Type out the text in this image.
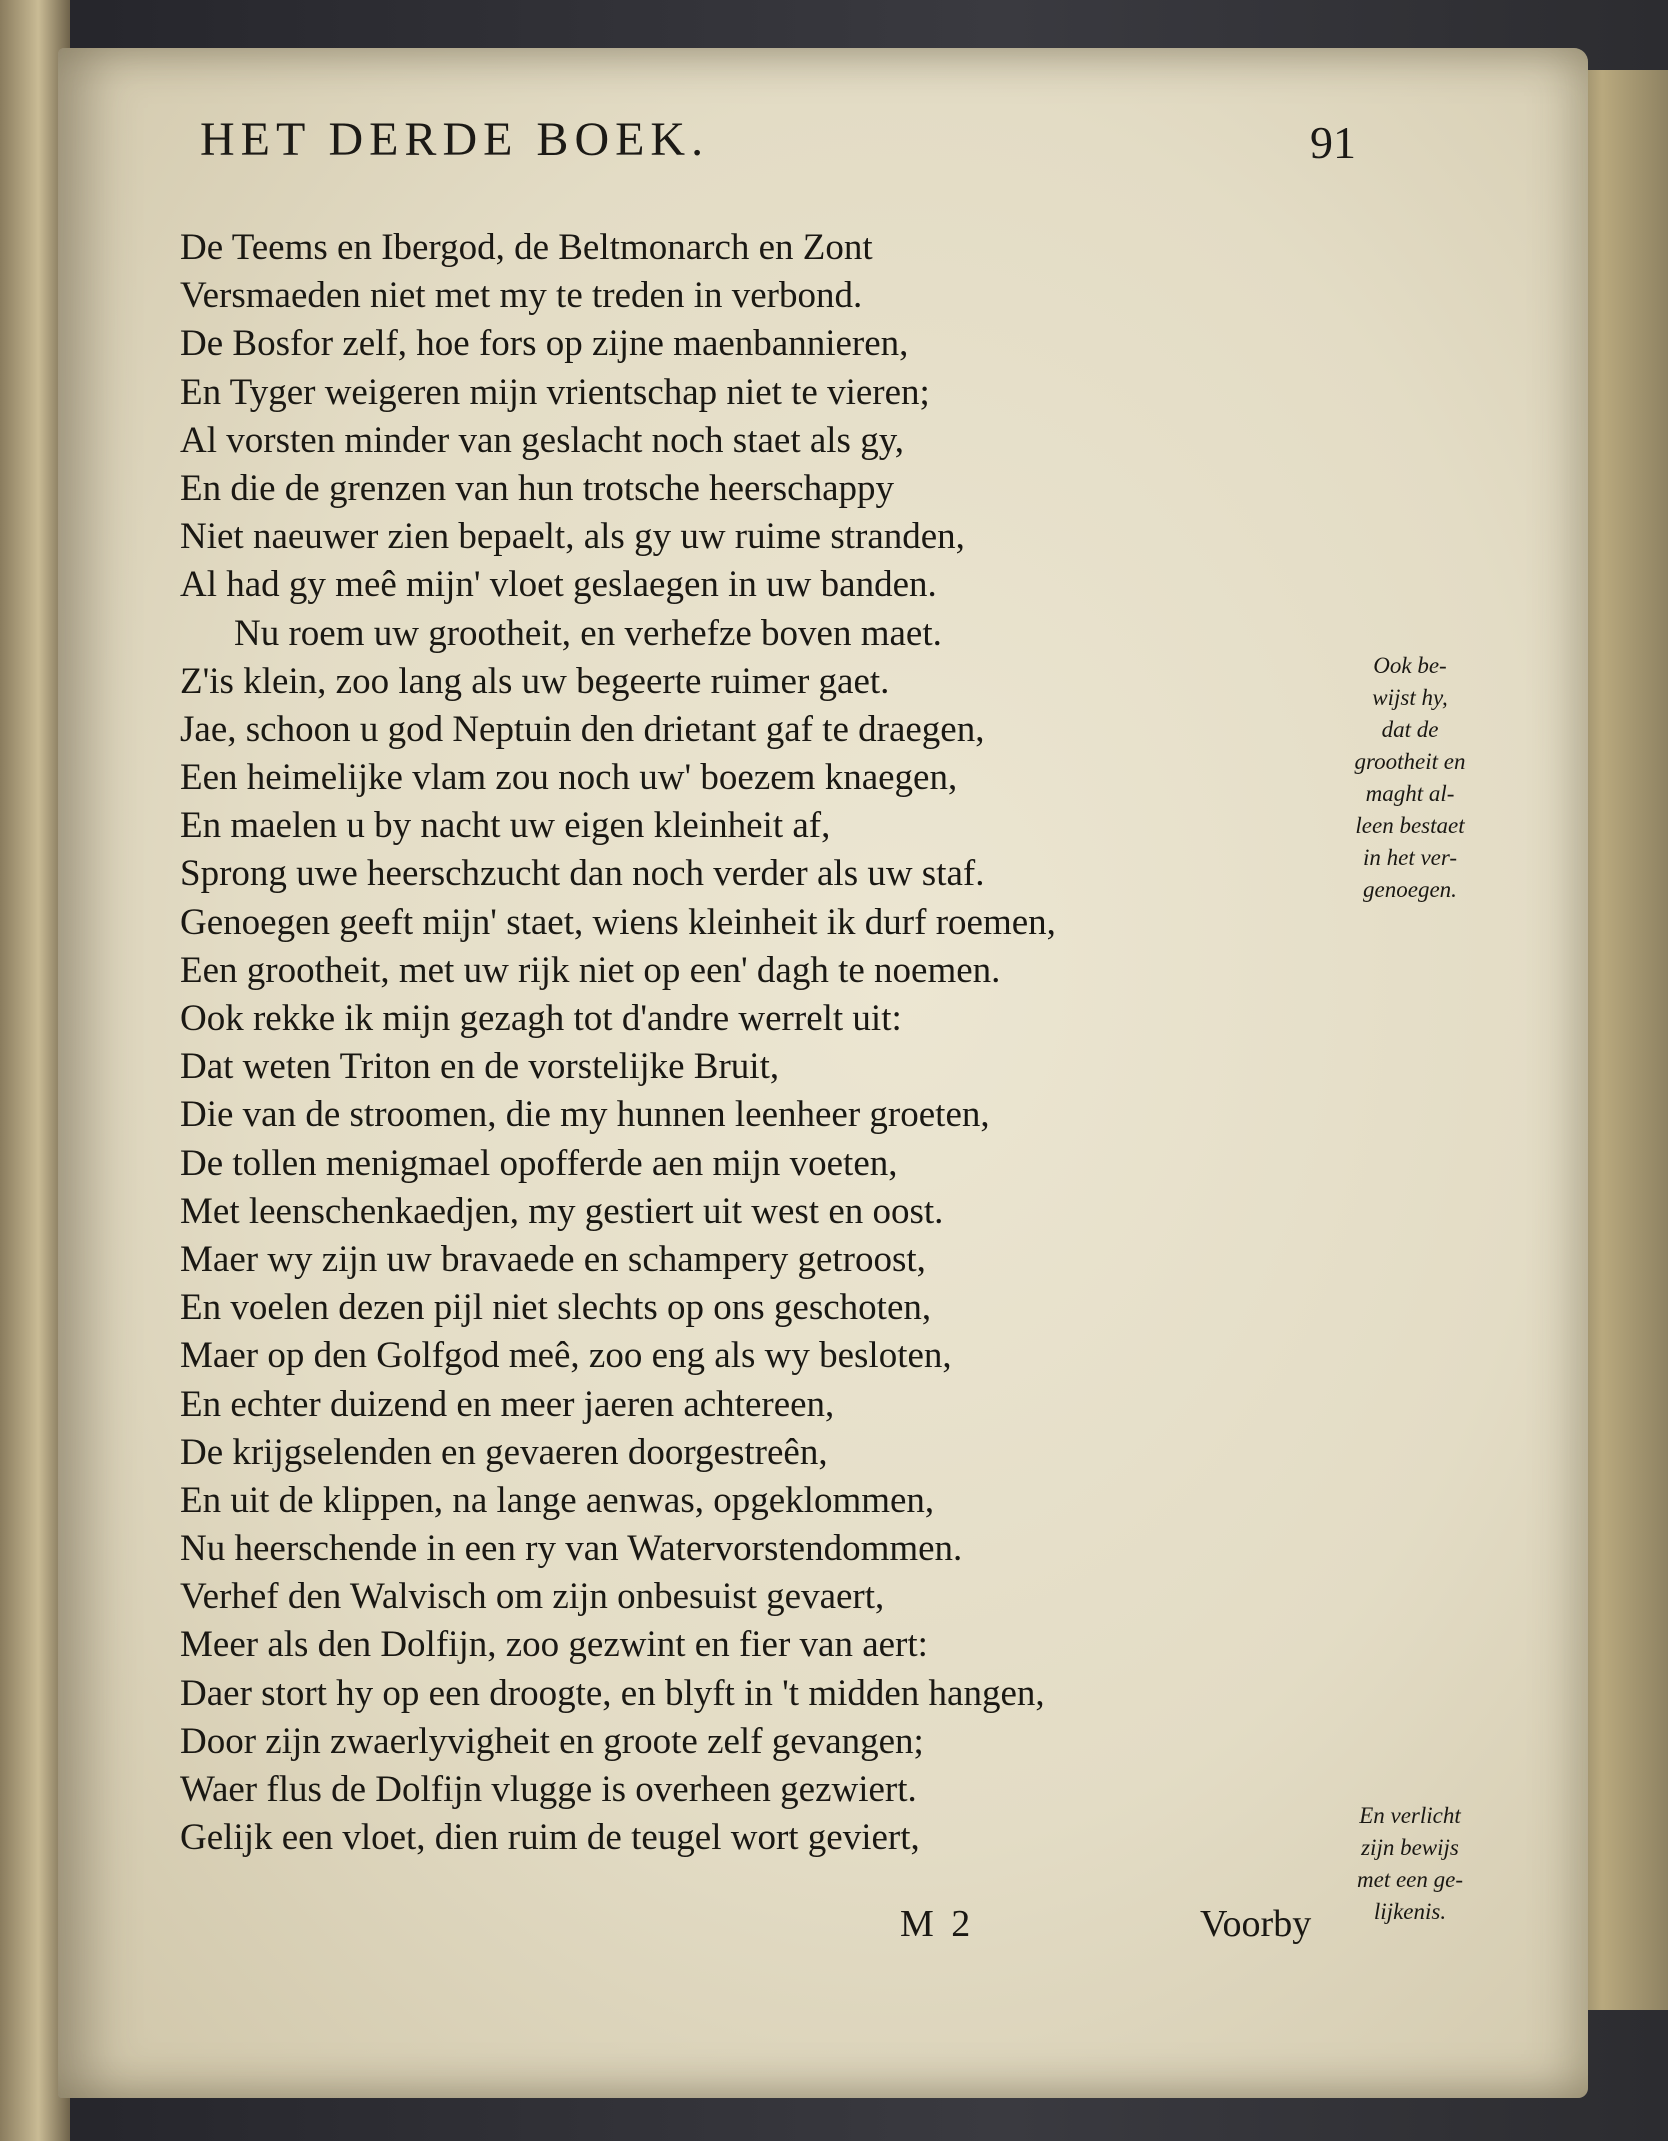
HET DERDE BOEK.	91
De Teems en Ibergod, de Beltmonarch en Zont
Versmaeden niet met my te treden in verbond.
De Bosfor zelf, hoe fors op zijne maenbannieren,
En Tyger weigeren mijn vrientschap niet te vieren;
Al vorsten minder van geslacht noch staet als gy,
En die de grenzen van hun trotsche heerschappy
Niet naeuwer zien bepaelt, als gy uw ruime stranden,
Al had gy meê mijn' vloet geslaegen in uw banden.
Nu roem uw grootheit, en verhefze boven maet.
Z'is klein, zoo lang als uw begeerte ruimer gaet.
Jae, schoon u god Neptuin den drietant gaf te draegen,
Een heimelijke vlam zou noch uw' boezem knaegen,
En maelen u by nacht uw eigen kleinheit af,
Sprong uwe heerschzucht dan noch verder als uw staf.
Genoegen geeft mijn' staet, wiens kleinheit ik durf roemen,
Een grootheit, met uw rijk niet op een' dagh te noemen.
Ook rekke ik mijn gezagh tot d'andre werrelt uit:
Dat weten Triton en de vorstelijke Bruit,
Die van de stroomen, die my hunnen leenheer groeten,
De tollen menigmael opofferde aen mijn voeten,
Met leenschenkaedjen, my gestiert uit west en oost.
Maer wy zijn uw bravaede en schampery getroost,
En voelen dezen pijl niet slechts op ons geschoten,
Maer op den Golfgod meê, zoo eng als wy besloten,
En echter duizend en meer jaeren achtereen,
De krijgselenden en gevaeren doorgestreên,
En uit de klippen, na lange aenwas, opgeklommen,
Nu heerschende in een ry van Watervorstendommen.
Verhef den Walvisch om zijn onbesuist gevaert,
Meer als den Dolfijn, zoo gezwint en fier van aert:
Daer stort hy op een droogte, en blyft in 't midden hangen,
Door zijn zwaerlyvigheit en groote zelf gevangen;
Waer flus de Dolfijn vlugge is overheen gezwiert.
Gelijk een vloet, dien ruim de teugel wort geviert,
Ook be-
wijst hy,
dat de
grootheit en
maght al-
leen bestaet
in het ver-
genoegen.
En verlicht
zijn bewijs
met een ge-
lijkenis.
M 2	Voorby
